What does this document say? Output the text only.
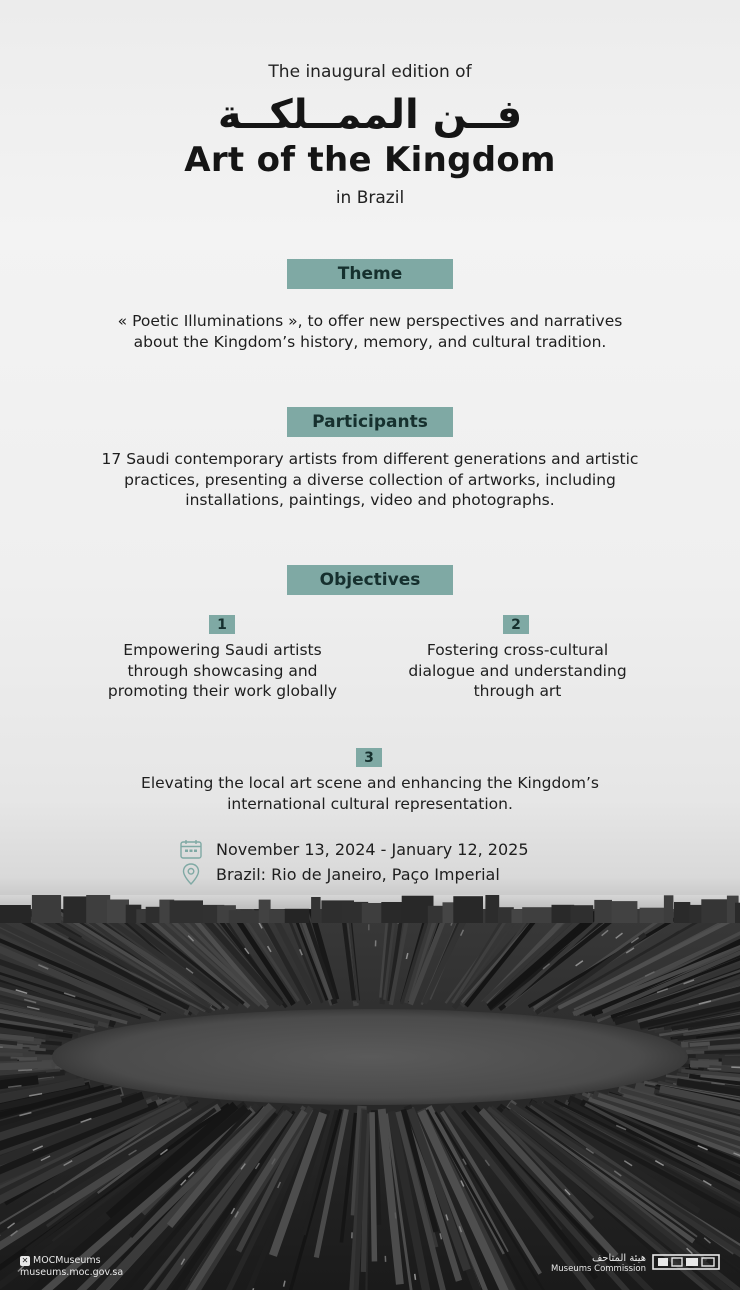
The inaugural edition of
فــن الممــلكــة
Art of the Kingdom
in Brazil
Theme
« Poetic Illuminations », to offer new perspectives and narratives about the Kingdom’s history, memory, and cultural tradition.
Participants
17 Saudi contemporary artists from different generations and artistic practices, presenting a diverse collection of artworks, including installations, paintings, video and photographs.
Objectives
1
Empowering Saudi artists through showcasing and promoting their work globally
2
Fostering cross-cultural dialogue and understanding through art
3
Elevating the local art scene and enhancing the Kingdom’s international cultural representation.
November 13, 2024 - January 12, 2025
Brazil: Rio de Janeiro, Paço Imperial
✕ MOCMuseums
museums.moc.gov.sa
هيئة المتاحف
Museums Commission
